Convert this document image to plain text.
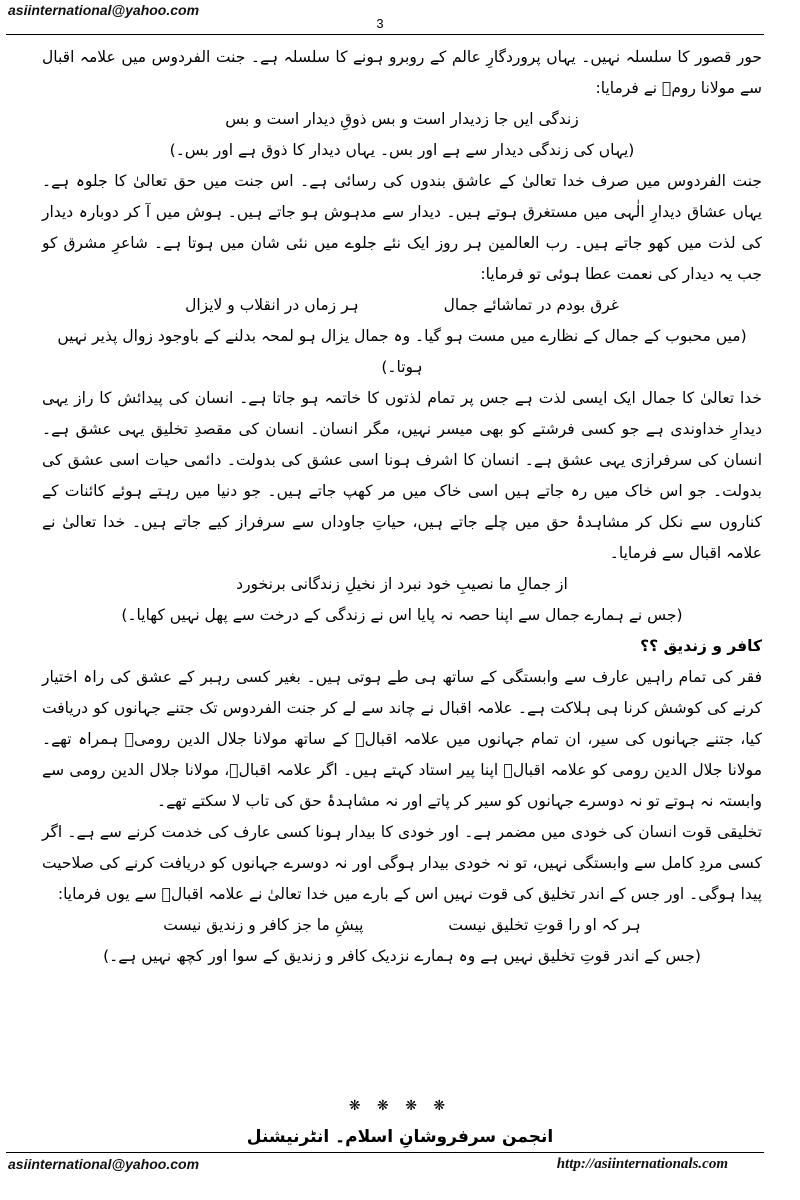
asiinternational@yahoo.com
3

حور قصور کا سلسلہ نہیں۔ یہاں پروردگارِ عالم کے روبرو ہونے کا سلسلہ ہے۔ جنت الفردوس میں علامہ اقبال سے مولانا رومؒ نے فرمایا:

زندگی ایں جا زدیدار است و بس ذوقِ دیدار است و بس

(یہاں کی زندگی دیدار سے ہے اور بس۔ یہاں دیدار کا ذوق ہے اور بس۔)

جنت الفردوس میں صرف خدا تعالیٰ کے عاشق بندوں کی رسائی ہے۔ اس جنت میں حق تعالیٰ کا جلوہ ہے۔ یہاں عشاق دیدارِ الٰہی میں مستغرق ہوتے ہیں۔ دیدار سے مدہوش ہو جاتے ہیں۔ ہوش میں آ کر دوبارہ دیدار کی لذت میں کھو جاتے ہیں۔ رب العالمین ہر روز ایک نئے جلوے میں نئی شان میں ہوتا ہے۔ شاعرِ مشرق کو جب یہ دیدار کی نعمت عطا ہوئی تو فرمایا:

غرق بودم در تماشائے جمال ہر زماں در انقلاب و لایزال

(میں محبوب کے جمال کے نظارے میں مست ہو گیا۔ وہ جمال یزال ہو لمحہ بدلنے کے باوجود زوال پذیر نہیں ہوتا۔)

خدا تعالیٰ کا جمال ایک ایسی لذت ہے جس پر تمام لذتوں کا خاتمہ ہو جاتا ہے۔ انسان کی پیدائش کا راز یہی دیدارِ خداوندی ہے جو کسی فرشتے کو بھی میسر نہیں، مگر انسان۔ انسان کی مقصدِ تخلیق یہی عشق ہے۔ انسان کی سرفرازی یہی عشق ہے۔ انسان کا اشرف ہونا اسی عشق کی بدولت۔ دائمی حیات اسی عشق کی بدولت۔ جو اس خاک میں رہ جاتے ہیں اسی خاک میں مر کھپ جاتے ہیں۔ جو دنیا میں رہتے ہوئے کائنات کے کناروں سے نکل کر مشاہدۂ حق میں چلے جاتے ہیں، حیاتِ جاوداں سے سرفراز کیے جاتے ہیں۔ خدا تعالیٰ نے علامہ اقبال سے فرمایا۔

از جمالِ ما نصیبِ خود نبرد از نخیلِ زندگانی برنخورد

(جس نے ہمارے جمال سے اپنا حصہ نہ پایا اس نے زندگی کے درخت سے پھل نہیں کھایا۔)

کافر و زندیق ؟؟

فقر کی تمام راہیں عارف سے وابستگی کے ساتھ ہی طے ہوتی ہیں۔ بغیر کسی رہبر کے عشق کی راہ اختیار کرنے کی کوشش کرنا ہی ہلاکت ہے۔ علامہ اقبال نے چاند سے لے کر جنت الفردوس تک جتنے جہانوں کو دریافت کیا، جتنے جہانوں کی سیر، ان تمام جہانوں میں علامہ اقبالؒ کے ساتھ مولانا جلال الدین رومیؒ ہمراہ تھے۔ مولانا جلال الدین رومی کو علامہ اقبالؒ اپنا پیر استاد کہتے ہیں۔ اگر علامہ اقبالؒ، مولانا جلال الدین رومی سے وابستہ نہ ہوتے تو نہ دوسرے جہانوں کو سیر کر پاتے اور نہ مشاہدۂ حق کی تاب لا سکتے تھے۔

تخلیقی قوت انسان کی خودی میں مضمر ہے۔ اور خودی کا بیدار ہونا کسی عارف کی خدمت کرنے سے ہے۔ اگر کسی مردِ کامل سے وابستگی نہیں، تو نہ خودی بیدار ہوگی اور نہ دوسرے جہانوں کو دریافت کرنے کی صلاحیت پیدا ہوگی۔ اور جس کے اندر تخلیق کی قوت نہیں اس کے بارے میں خدا تعالیٰ نے علامہ اقبالؒ سے یوں فرمایا:

ہر کہ او را قوتِ تخلیق نیست پیشِ ما جز کافر و زندیق نیست

(جس کے اندر قوتِ تخلیق نہیں ہے وہ ہمارے نزدیک کافر و زندیق کے سوا اور کچھ نہیں ہے۔)

❋ ❋ ❋ ❋
انجمن سرفروشانِ اسلام۔ انٹرنیشنل
asiinternational@yahoo.com	http://asiinternationals.com
